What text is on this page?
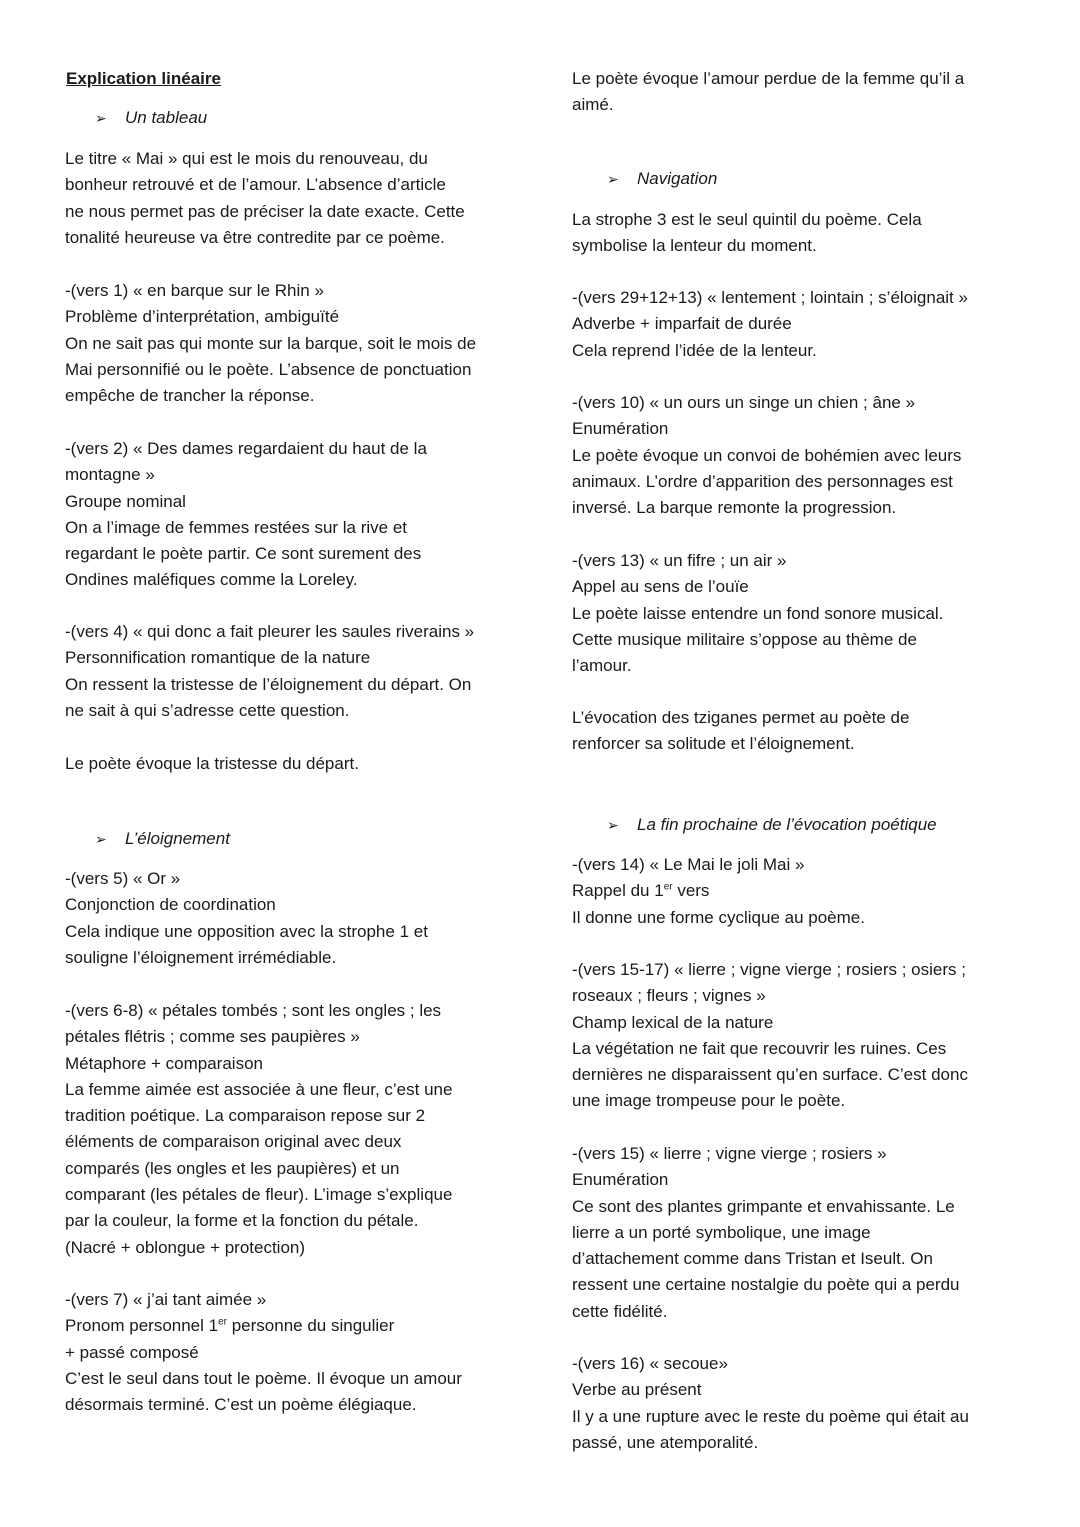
Explication linéaire
➢ Un tableau

Le titre « Mai » qui est le mois du renouveau, du

bonheur retrouvé et de l’amour. L’absence d’article

ne nous permet pas de préciser la date exacte. Cette

tonalité heureuse va être contredite par ce poème.

-(vers 1) « en barque sur le Rhin »

Problème d’interprétation, ambiguïté

On ne sait pas qui monte sur la barque, soit le mois de

Mai personnifié ou le poète. L’absence de ponctuation

empêche de trancher la réponse.

-(vers 2) « Des dames regardaient du haut de la

montagne »

Groupe nominal

On a l’image de femmes restées sur la rive et

regardant le poète partir. Ce sont surement des

Ondines maléfiques comme la Loreley.

-(vers 4) « qui donc a fait pleurer les saules riverains »

Personnification romantique de la nature

On ressent la tristesse de l’éloignement du départ. On

ne sait à qui s’adresse cette question.

Le poète évoque la tristesse du départ.

➢ L’éloignement

-(vers 5) « Or »

Conjonction de coordination

Cela indique une opposition avec la strophe 1 et

souligne l’éloignement irrémédiable.

-(vers 6-8) « pétales tombés ; sont les ongles ; les

pétales flétris ; comme ses paupières »

Métaphore + comparaison

La femme aimée est associée à une fleur, c’est une

tradition poétique. La comparaison repose sur 2

éléments de comparaison original avec deux

comparés (les ongles et les paupières) et un

comparant (les pétales de fleur). L’image s’explique

par la couleur, la forme et la fonction du pétale.

(Nacré + oblongue + protection)

-(vers 7) « j’ai tant aimée »

Pronom personnel 1er personne du singulier

+ passé composé

C’est le seul dans tout le poème. Il évoque un amour

désormais terminé. C’est un poème élégiaque.

Le poète évoque l’amour perdue de la femme qu’il a

aimé.

➢ Navigation

La strophe 3 est le seul quintil du poème. Cela

symbolise la lenteur du moment.

-(vers 29+12+13) « lentement ; lointain ; s’éloignait »

Adverbe + imparfait de durée

Cela reprend l’idée de la lenteur.

-(vers 10) « un ours un singe un chien ; âne »

Enumération

Le poète évoque un convoi de bohémien avec leurs

animaux. L’ordre d’apparition des personnages est

inversé. La barque remonte la progression.

-(vers 13) « un fifre ; un air »

Appel au sens de l’ouïe

Le poète laisse entendre un fond sonore musical.

Cette musique militaire s’oppose au thème de

l’amour.

L’évocation des tziganes permet au poète de

renforcer sa solitude et l’éloignement.

➢ La fin prochaine de l’évocation poétique

-(vers 14) « Le Mai le joli Mai »

Rappel du 1er vers

Il donne une forme cyclique au poème.

-(vers 15-17) « lierre ; vigne vierge ; rosiers ; osiers ;

roseaux ; fleurs ; vignes »

Champ lexical de la nature

La végétation ne fait que recouvrir les ruines. Ces

dernières ne disparaissent qu’en surface. C’est donc

une image trompeuse pour le poète.

-(vers 15) « lierre ; vigne vierge ; rosiers »

Enumération

Ce sont des plantes grimpante et envahissante. Le

lierre a un porté symbolique, une image

d’attachement comme dans Tristan et Iseult. On

ressent une certaine nostalgie du poète qui a perdu

cette fidélité.

-(vers 16) « secoue»

Verbe au présent

Il y a une rupture avec le reste du poème qui était au

passé, une atemporalité.
